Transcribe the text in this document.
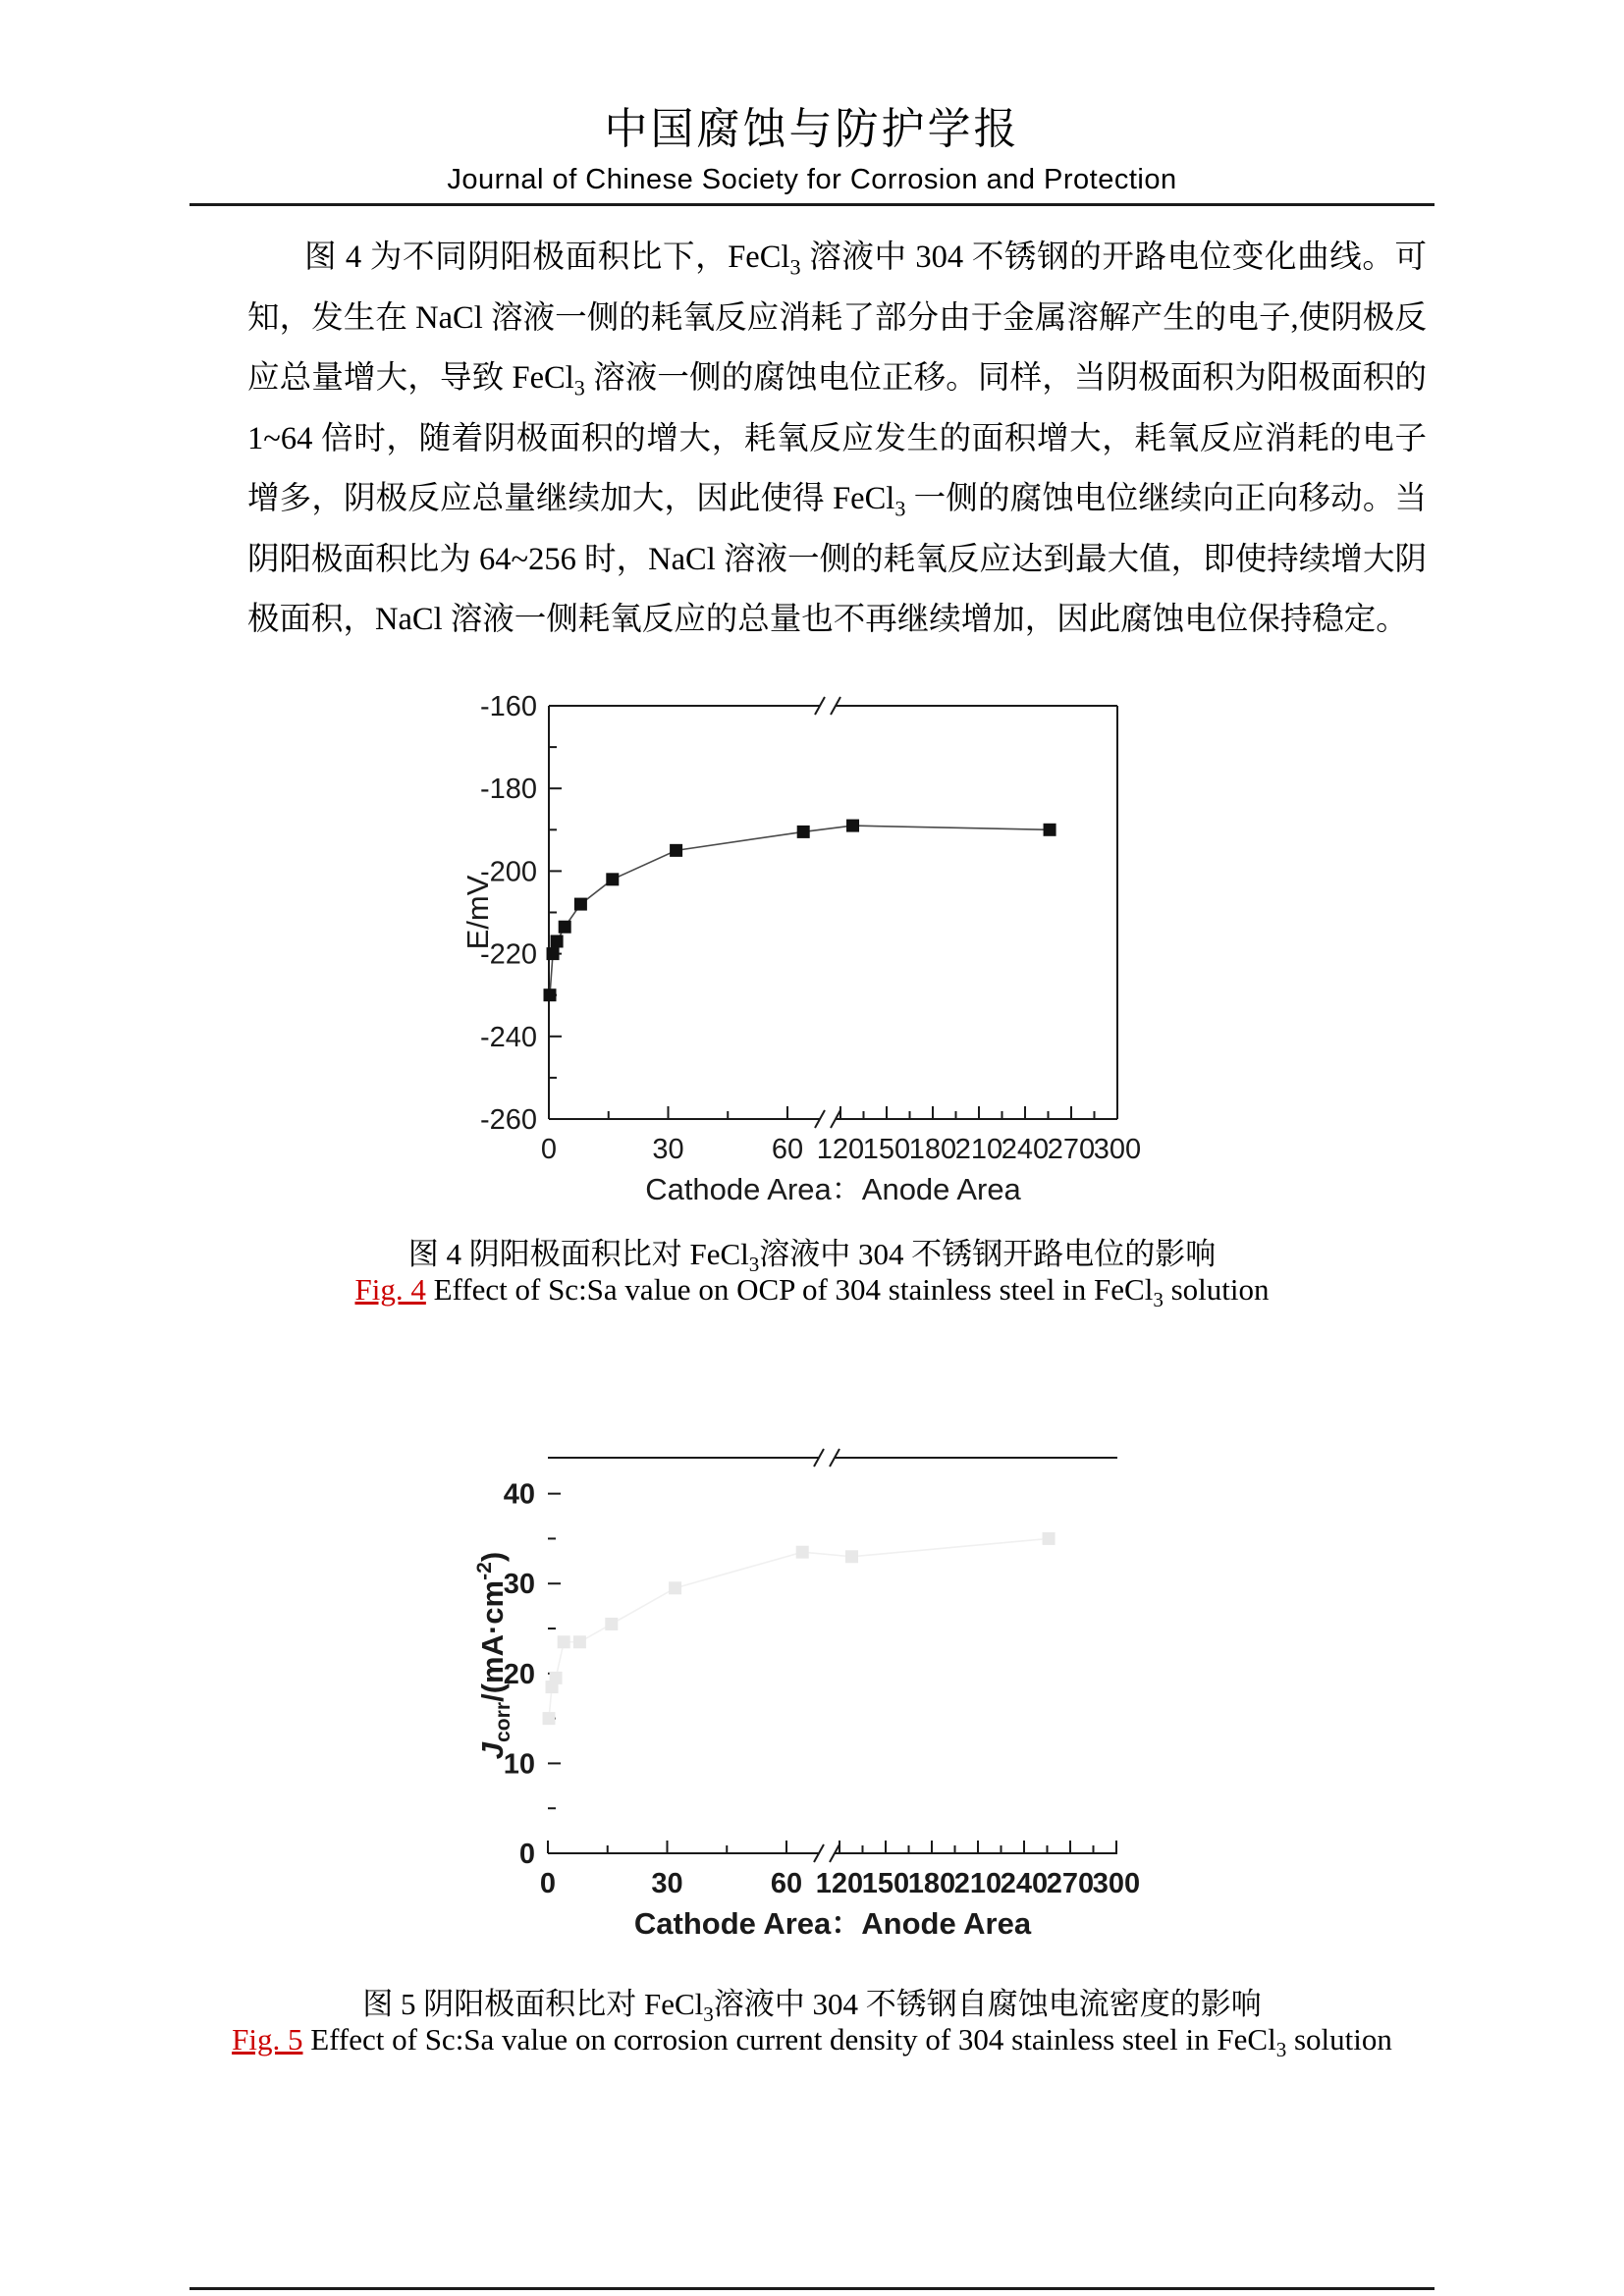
中国腐蚀与防护学报
Journal of Chinese Society for Corrosion and Protection
图 4 为不同阴阳极面积比下，FeCl$_3$ 溶液中 304 不锈钢的开路电位变化曲线。可知，发生在 NaCl 溶液一侧的耗氧反应消耗了部分由于金属溶解产生的电子,使阴极反应总量增大，导致 FeCl$_3$ 溶液一侧的腐蚀电位正移。同样，当阴极面积为阳极面积的 1~64 倍时，随着阴极面积的增大，耗氧反应发生的面积增大，耗氧反应消耗的电子增多，阴极反应总量继续加大，因此使得 FeCl$_3$ 一侧的腐蚀电位继续向正向移动。当阴阳极面积比为 64~256 时，NaCl 溶液一侧的耗氧反应达到最大值，即使持续增大阴极面积，NaCl 溶液一侧耗氧反应的总量也不再继续增加，因此腐蚀电位保持稳定。
0	30	60 120
150
180
210
240
270
300
-260
-240
-220
-200
-180
-160
Cathode Area：Anode Area
E/mV
图 4 阴阳极面积比对 FeCl$_3$溶液中 304 不锈钢开路电位的影响
Fig. 4 Effect of Sc:Sa value on OCP of 304 stainless steel in FeCl$_3$ solution
0	30	60 120
150
180
210
240
270
300
0
10
20
30
40
Cathode Area：Anode Area
$J_{corr}/(mA\cdot cm^{-2})$
图 5 阴阳极面积比对 FeCl$_3$溶液中 304 不锈钢自腐蚀电流密度的影响
Fig. 5 Effect of Sc:Sa value on corrosion current density of 304 stainless steel in FeCl$_3$ solution
